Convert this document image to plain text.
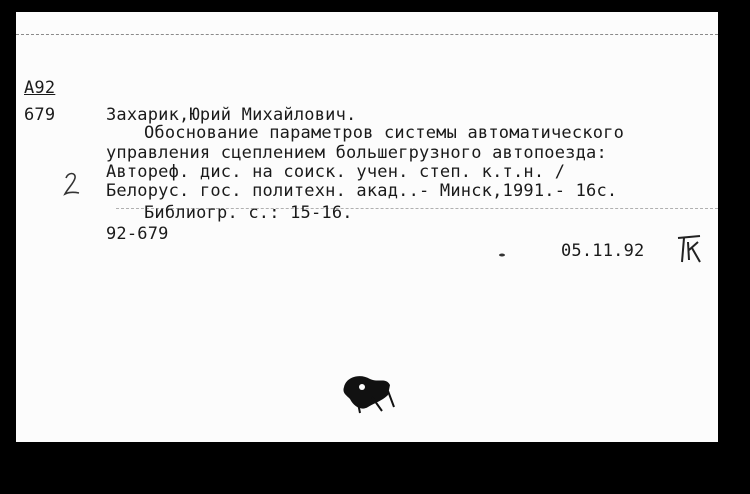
А92
679	Захарик,Юрий Михайлович.
Обоснование параметров системы автоматического
управления сцеплением большегрузного автопоезда:
Автореф. дис. на соиск. учен. степ. к.т.н. /
Белорус. гос. политехн. акад..- Минск,1991.- 16с.
Библиогр. с.: 15-16.
92-679
05.11.92
